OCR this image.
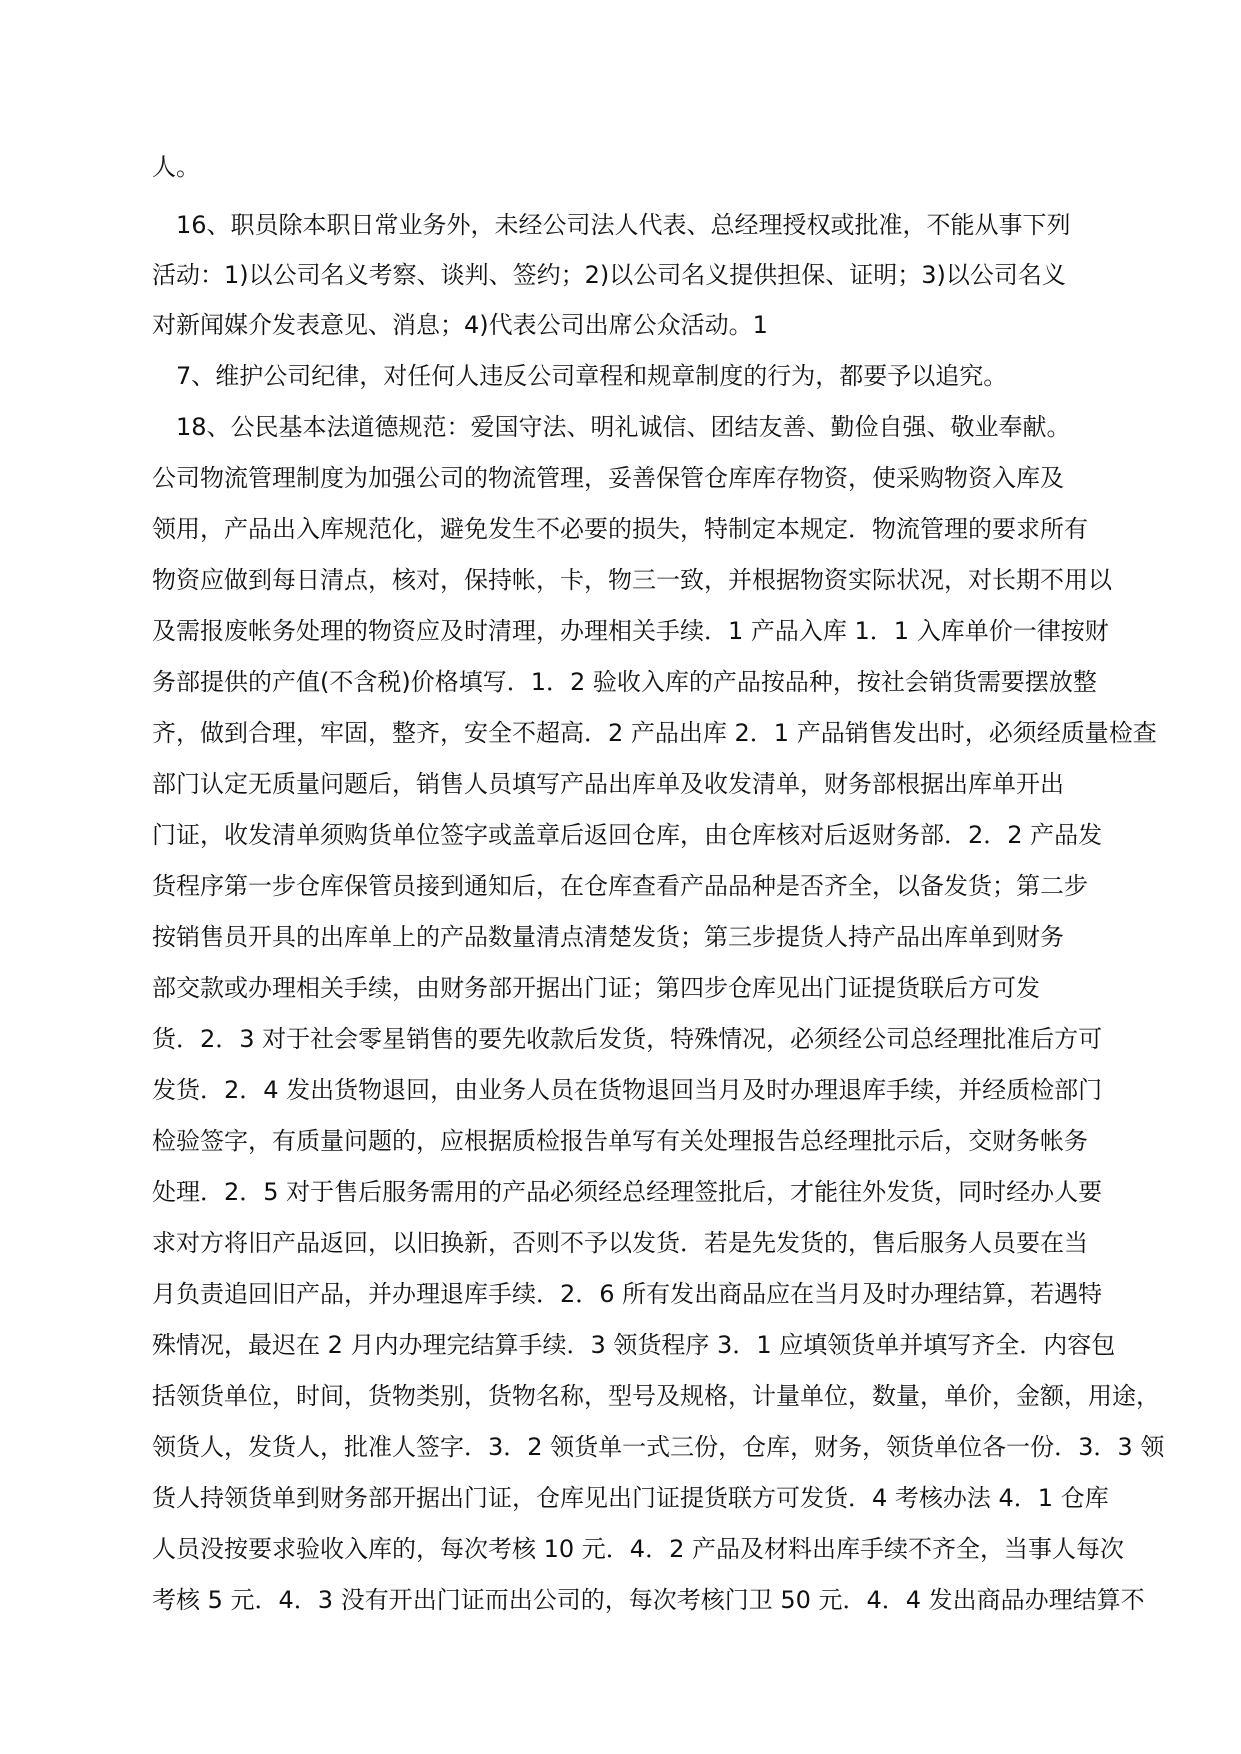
人。
16、职员除本职日常业务外，未经公司法人代表、总经理授权或批准，不能从事下列
活动：1)以公司名义考察、谈判、签约；2)以公司名义提供担保、证明；3)以公司名义
对新闻媒介发表意见、消息；4)代表公司出席公众活动。1
7、维护公司纪律，对任何人违反公司章程和规章制度的行为，都要予以追究。
18、公民基本法道德规范：爱国守法、明礼诚信、团结友善、勤俭自强、敬业奉献。
公司物流管理制度为加强公司的物流管理，妥善保管仓库库存物资，使采购物资入库及
领用，产品出入库规范化，避免发生不必要的损失，特制定本规定．物流管理的要求所有
物资应做到每日清点，核对，保持帐，卡，物三一致，并根据物资实际状况，对长期不用以
及需报废帐务处理的物资应及时清理，办理相关手续．1 产品入库 1．1 入库单价一律按财
务部提供的产值(不含税)价格填写．1．2 验收入库的产品按品种，按社会销货需要摆放整
齐，做到合理，牢固，整齐，安全不超高．2 产品出库 2．1 产品销售发出时，必须经质量检查
部门认定无质量问题后，销售人员填写产品出库单及收发清单，财务部根据出库单开出
门证，收发清单须购货单位签字或盖章后返回仓库，由仓库核对后返财务部．2．2 产品发
货程序第一步仓库保管员接到通知后，在仓库查看产品品种是否齐全，以备发货；第二步
按销售员开具的出库单上的产品数量清点清楚发货；第三步提货人持产品出库单到财务
部交款或办理相关手续，由财务部开据出门证；第四步仓库见出门证提货联后方可发
货．2．3 对于社会零星销售的要先收款后发货，特殊情况，必须经公司总经理批准后方可
发货．2．4 发出货物退回，由业务人员在货物退回当月及时办理退库手续，并经质检部门
检验签字，有质量问题的，应根据质检报告单写有关处理报告总经理批示后，交财务帐务
处理．2．5 对于售后服务需用的产品必须经总经理签批后，才能往外发货，同时经办人要
求对方将旧产品返回，以旧换新，否则不予以发货．若是先发货的，售后服务人员要在当
月负责追回旧产品，并办理退库手续．2．6 所有发出商品应在当月及时办理结算，若遇特
殊情况，最迟在 2 月内办理完结算手续．3 领货程序 3．1 应填领货单并填写齐全．内容包
括领货单位，时间，货物类别，货物名称，型号及规格，计量单位，数量，单价，金额，用途，
领货人，发货人，批准人签字．3．2 领货单一式三份，仓库，财务，领货单位各一份．3．3 领
货人持领货单到财务部开据出门证，仓库见出门证提货联方可发货．4 考核办法 4．1 仓库
人员没按要求验收入库的，每次考核 10 元．4．2 产品及材料出库手续不齐全，当事人每次
考核 5 元．4．3 没有开出门证而出公司的，每次考核门卫 50 元．4．4 发出商品办理结算不
